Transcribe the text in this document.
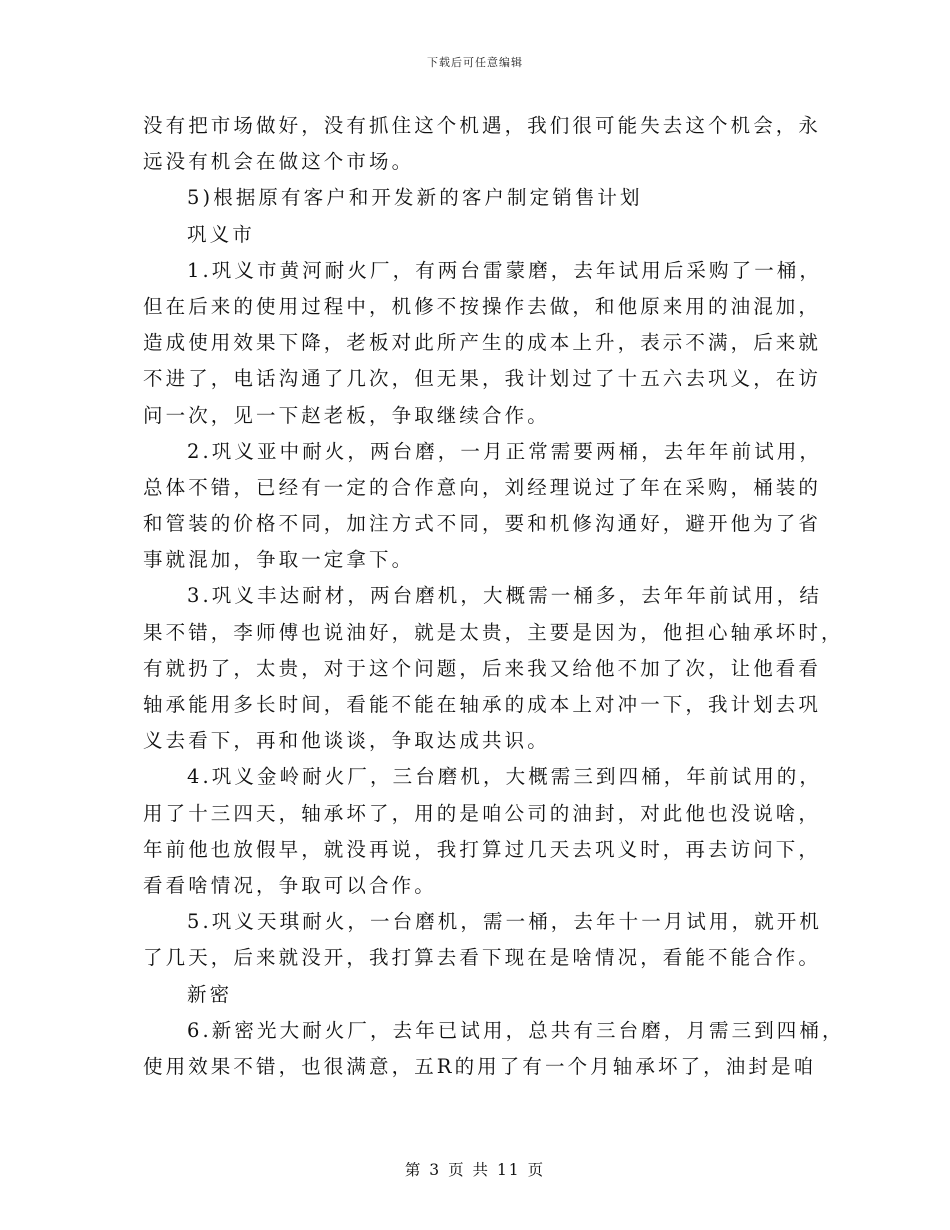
下载后可任意编辑
没有把市场做好，没有抓住这个机遇，我们很可能失去这个机会，永
远没有机会在做这个市场。
5)根据原有客户和开发新的客户制定销售计划
巩义市
1.巩义市黄河耐火厂，有两台雷蒙磨，去年试用后采购了一桶，
但在后来的使用过程中，机修不按操作去做，和他原来用的油混加，
造成使用效果下降，老板对此所产生的成本上升，表示不满，后来就
不进了，电话沟通了几次，但无果，我计划过了十五六去巩义，在访
问一次，见一下赵老板，争取继续合作。
2.巩义亚中耐火，两台磨，一月正常需要两桶，去年年前试用，
总体不错，已经有一定的合作意向，刘经理说过了年在采购，桶装的
和管装的价格不同，加注方式不同，要和机修沟通好，避开他为了省
事就混加，争取一定拿下。
3.巩义丰达耐材，两台磨机，大概需一桶多，去年年前试用，结
果不错，李师傅也说油好，就是太贵，主要是因为，他担心轴承坏时，
有就扔了，太贵，对于这个问题，后来我又给他不加了次，让他看看
轴承能用多长时间，看能不能在轴承的成本上对冲一下，我计划去巩
义去看下，再和他谈谈，争取达成共识。
4.巩义金岭耐火厂，三台磨机，大概需三到四桶，年前试用的，
用了十三四天，轴承坏了，用的是咱公司的油封，对此他也没说啥，
年前他也放假早，就没再说，我打算过几天去巩义时，再去访问下，
看看啥情况，争取可以合作。
5.巩义天琪耐火，一台磨机，需一桶，去年十一月试用，就开机
了几天，后来就没开，我打算去看下现在是啥情况，看能不能合作。
新密
6.新密光大耐火厂，去年已试用，总共有三台磨，月需三到四桶，
使用效果不错，也很满意，五R的用了有一个月轴承坏了，油封是咱
第 3 页 共 11 页
